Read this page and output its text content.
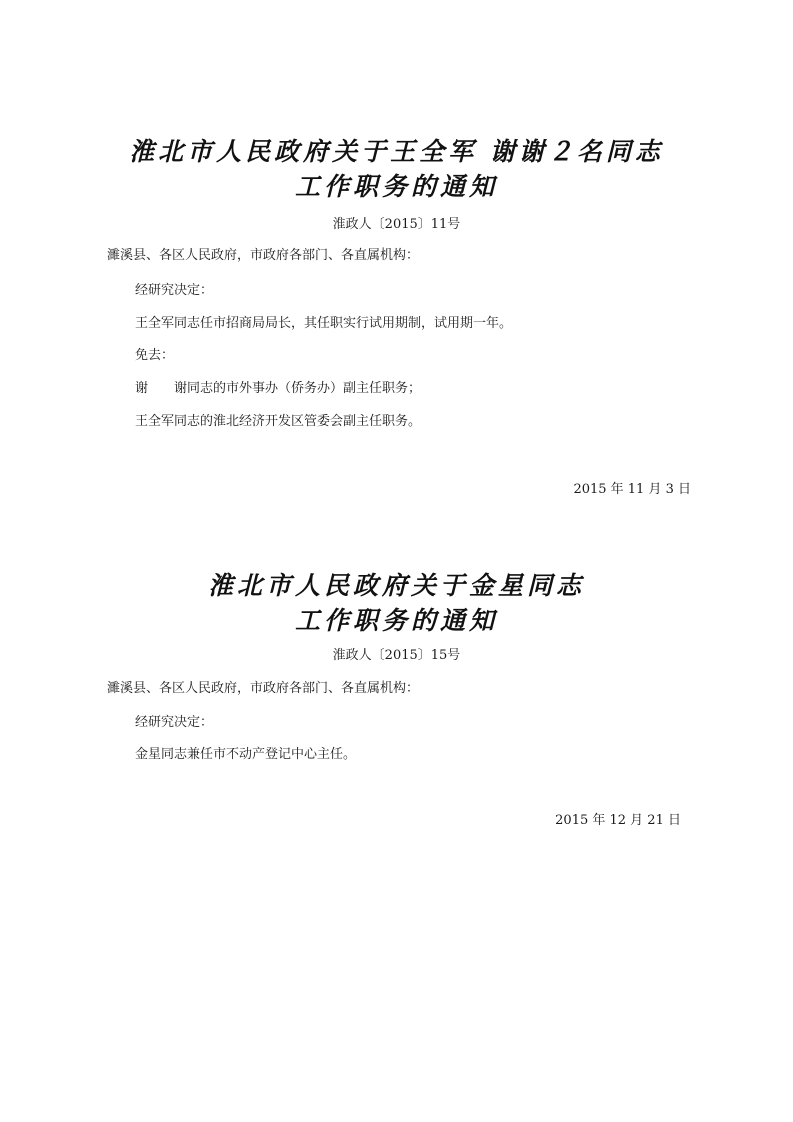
淮北市人民政府关于王全军 谢谢２名同志
工作职务的通知
淮政人〔2015〕11号
濉溪县、各区人民政府，市政府各部门、各直属机构：
经研究决定：
王全军同志任市招商局局长，其任职实行试用期制，试用期一年。
免去：
谢　　谢同志的市外事办（侨务办）副主任职务；
王全军同志的淮北经济开发区管委会副主任职务。
2015 年 11 月 3 日
淮北市人民政府关于金星同志
工作职务的通知
淮政人〔2015〕15号
濉溪县、各区人民政府，市政府各部门、各直属机构：
经研究决定：
金星同志兼任市不动产登记中心主任。
2015 年 12 月 21 日
